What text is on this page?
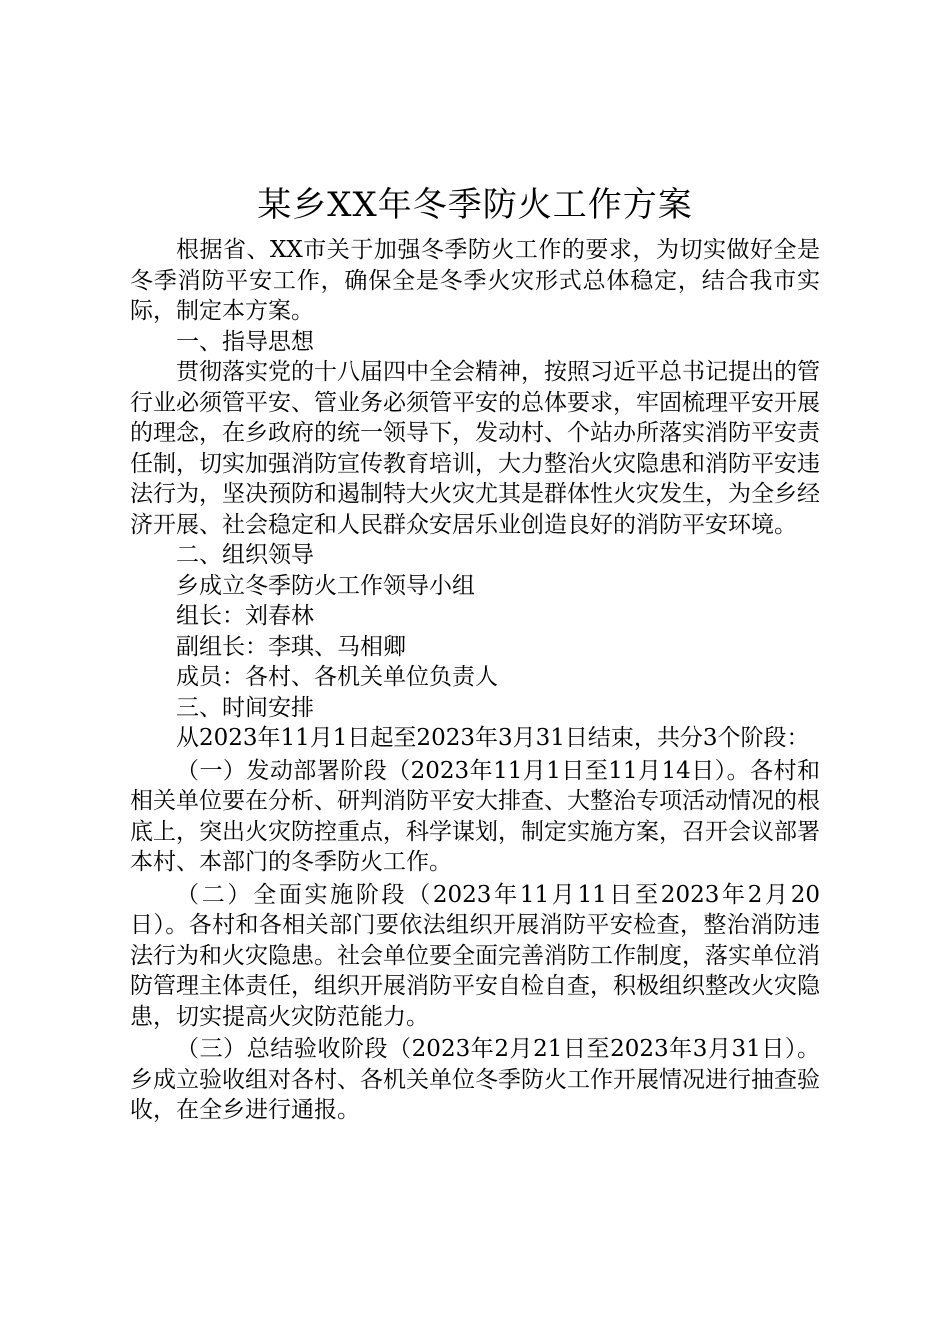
某乡XX年冬季防火工作方案

根据省、XX市关于加强冬季防火工作的要求，为切实做好全是冬季消防平安工作，确保全是冬季火灾形式总体稳定，结合我市实际，制定本方案。

一、指导思想

贯彻落实党的十八届四中全会精神，按照习近平总书记提出的管行业必须管平安、管业务必须管平安的总体要求，牢固梳理平安开展的理念，在乡政府的统一领导下，发动村、个站办所落实消防平安责任制，切实加强消防宣传教育培训，大力整治火灾隐患和消防平安违法行为，坚决预防和遏制特大火灾尤其是群体性火灾发生，为全乡经济开展、社会稳定和人民群众安居乐业创造良好的消防平安环境。

二、组织领导

乡成立冬季防火工作领导小组

组长：刘春林

副组长：李琪、马相卿

成员：各村、各机关单位负责人

三、时间安排

从2023年11月1日起至2023年3月31日结束，共分3个阶段：

（一）发动部署阶段（2023年11月1日至11月14日）。各村和相关单位要在分析、研判消防平安大排查、大整治专项活动情况的根底上，突出火灾防控重点，科学谋划，制定实施方案，召开会议部署本村、本部门的冬季防火工作。

（二）全面实施阶段（2023年11月11日至2023年2月20日）。各村和各相关部门要依法组织开展消防平安检查，整治消防违法行为和火灾隐患。社会单位要全面完善消防工作制度，落实单位消防管理主体责任，组织开展消防平安自检自查，积极组织整改火灾隐患，切实提高火灾防范能力。

（三）总结验收阶段（2023年2月21日至2023年3月31日）。乡成立验收组对各村、各机关单位冬季防火工作开展情况进行抽查验收，在全乡进行通报。
